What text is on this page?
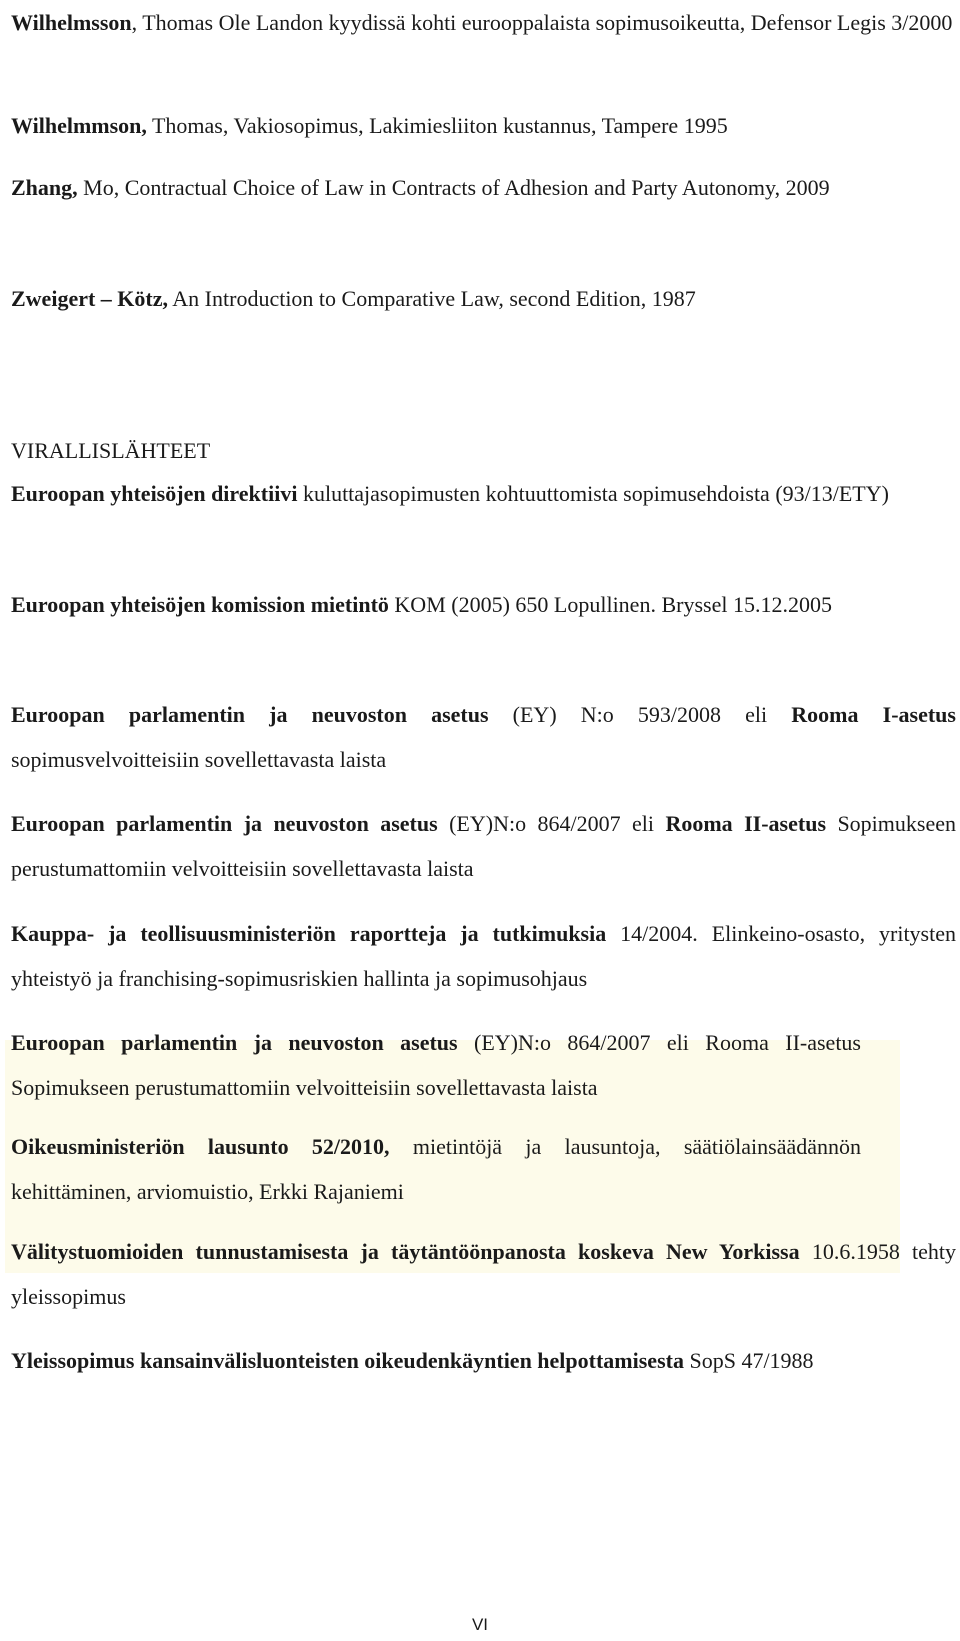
Wilhelmsson, Thomas Ole Landon kyydissä kohti eurooppalaista sopimusoikeutta, Defensor Legis 3/2000

Wilhelmmson, Thomas, Vakiosopimus, Lakimiesliiton kustannus, Tampere 1995

Zhang, Mo, Contractual Choice of Law in Contracts of Adhesion and Party Autonomy, 2009

Zweigert – Kötz, An Introduction to Comparative Law, second Edition, 1987

VIRALLISLÄHTEET

Euroopan yhteisöjen direktiivi kuluttajasopimusten kohtuuttomista sopimusehdoista (93/13/ETY)

Euroopan yhteisöjen komission mietintö KOM (2005) 650 Lopullinen. Bryssel 15.12.2005

Euroopan parlamentin ja neuvoston asetus (EY) N:o 593/2008 eli Rooma I-asetus sopimusvelvoitteisiin sovellettavasta laista

Euroopan parlamentin ja neuvoston asetus (EY)N:o 864/2007 eli Rooma II-asetus Sopimukseen perustumattomiin velvoitteisiin sovellettavasta laista

Kauppa- ja teollisuusministeriön raportteja ja tutkimuksia 14/2004. Elinkeino-osasto, yritysten yhteistyö ja franchising-sopimusriskien hallinta ja sopimusohjaus

Euroopan parlamentin ja neuvoston asetus (EY)N:o 864/2007 eli Rooma II-asetus Sopimukseen perustumattomiin velvoitteisiin sovellettavasta laista

Oikeusministeriön lausunto 52/2010, mietintöjä ja lausuntoja, säätiölainsäädännön kehittäminen, arviomuistio, Erkki Rajaniemi

Välitystuomioiden tunnustamisesta ja täytäntöönpanosta koskeva New Yorkissa 10.6.1958 tehty yleissopimus

Yleissopimus kansainvälisluonteisten oikeudenkäyntien helpottamisesta SopS 47/1988

VI
